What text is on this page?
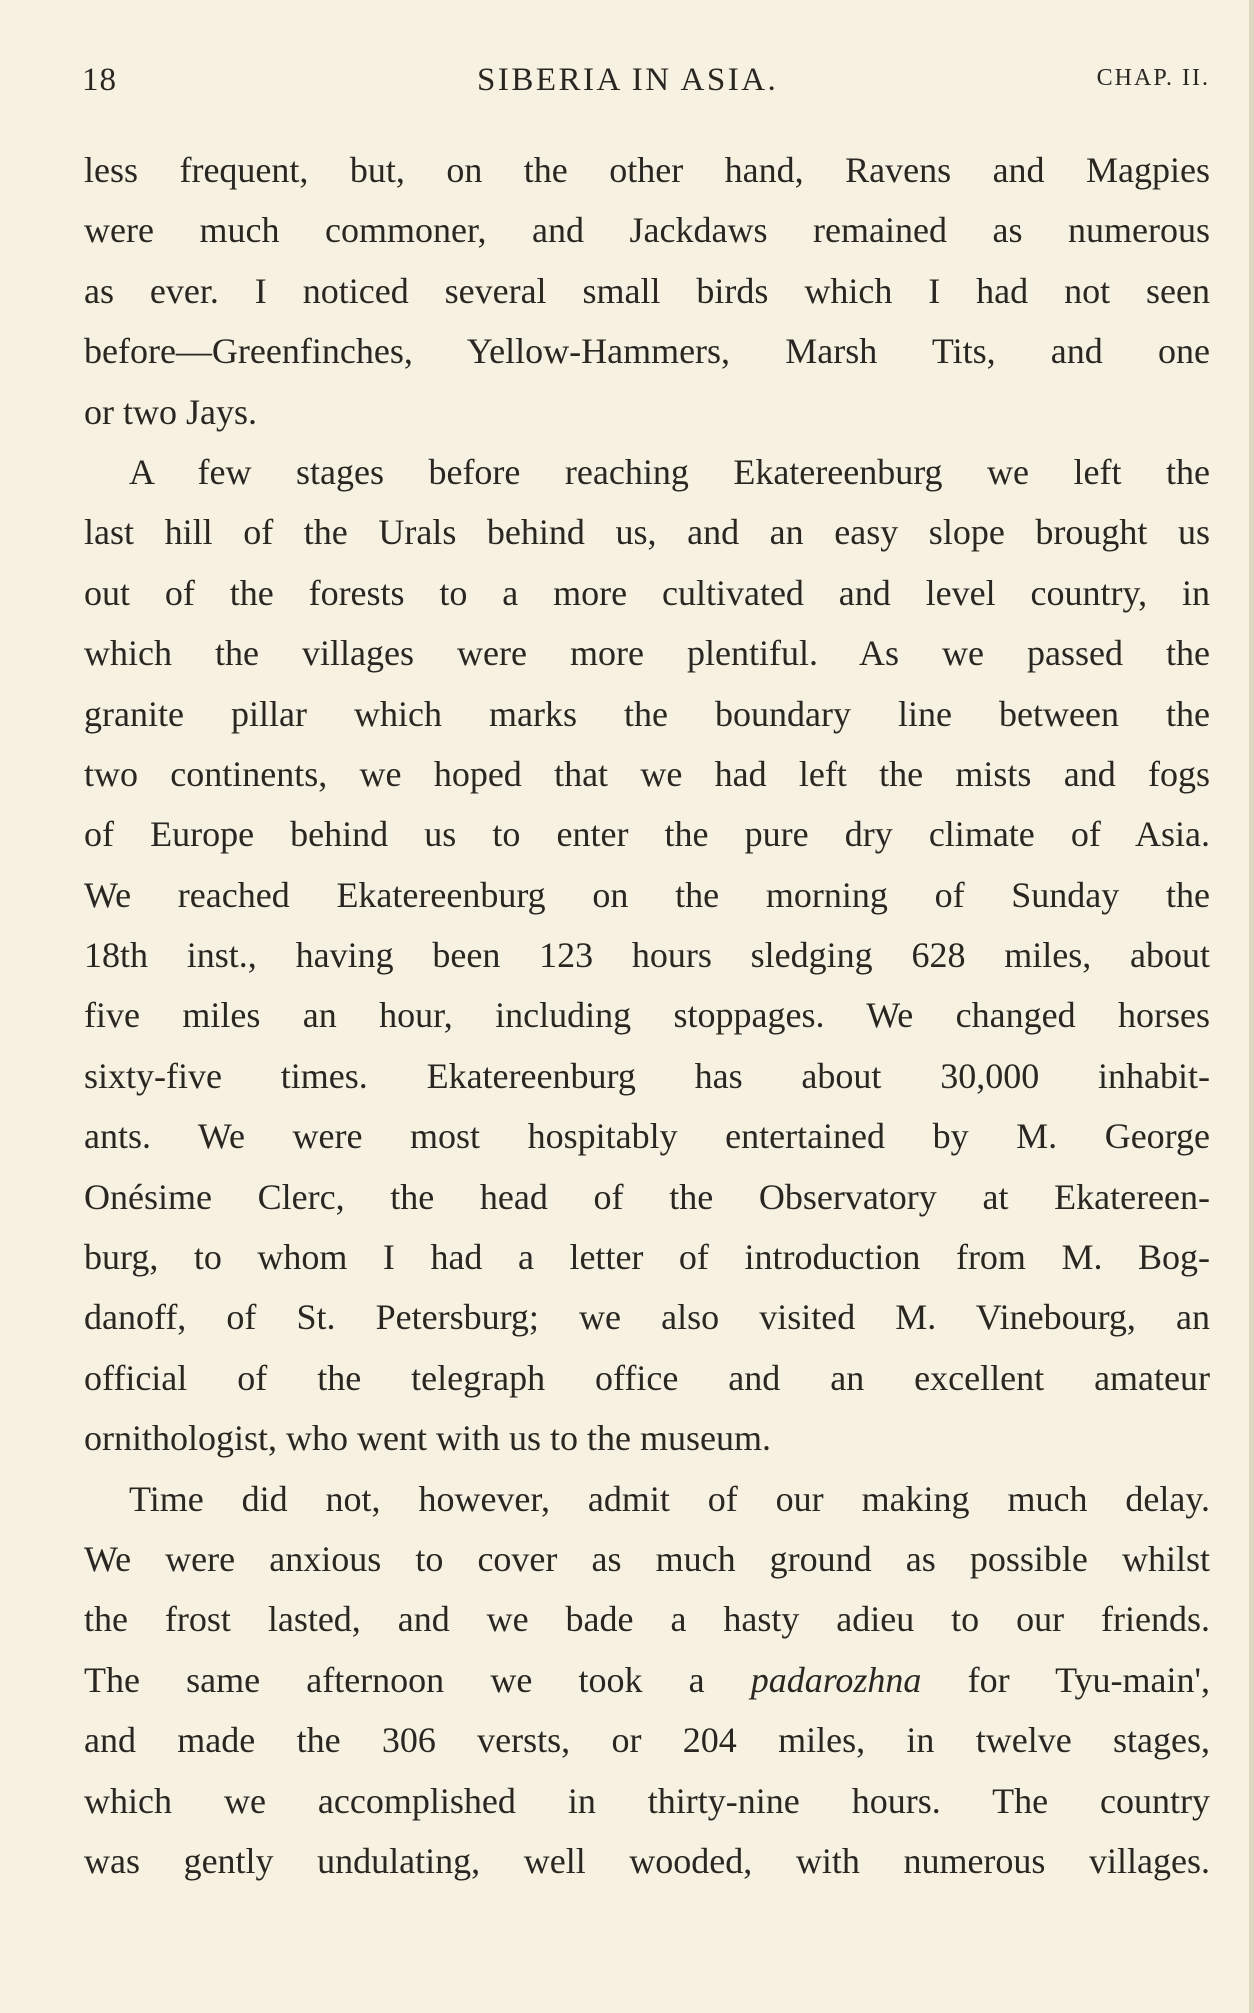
18	SIBERIA IN ASIA.	CHAP. II.
less frequent, but, on the other hand, Ravens and Magpies
were much commoner, and Jackdaws remained as numerous
as ever. I noticed several small birds which I had not seen
before—Greenfinches, Yellow-Hammers, Marsh Tits, and one
or two Jays.
A few stages before reaching Ekatereenburg we left the
last hill of the Urals behind us, and an easy slope brought us
out of the forests to a more cultivated and level country, in
which the villages were more plentiful. As we passed the
granite pillar which marks the boundary line between the
two continents, we hoped that we had left the mists and fogs
of Europe behind us to enter the pure dry climate of Asia.
We reached Ekatereenburg on the morning of Sunday the
18th inst., having been 123 hours sledging 628 miles, about
five miles an hour, including stoppages. We changed horses
sixty-five times. Ekatereenburg has about 30,000 inhabit-
ants. We were most hospitably entertained by M. George
Onésime Clerc, the head of the Observatory at Ekatereen-
burg, to whom I had a letter of introduction from M. Bog-
danoff, of St. Petersburg; we also visited M. Vinebourg, an
official of the telegraph office and an excellent amateur
ornithologist, who went with us to the museum.
Time did not, however, admit of our making much delay.
We were anxious to cover as much ground as possible whilst
the frost lasted, and we bade a hasty adieu to our friends.
The same afternoon we took a padarozhna for Tyu-main',
and made the 306 versts, or 204 miles, in twelve stages,
which we accomplished in thirty-nine hours. The country
was gently undulating, well wooded, with numerous villages.
